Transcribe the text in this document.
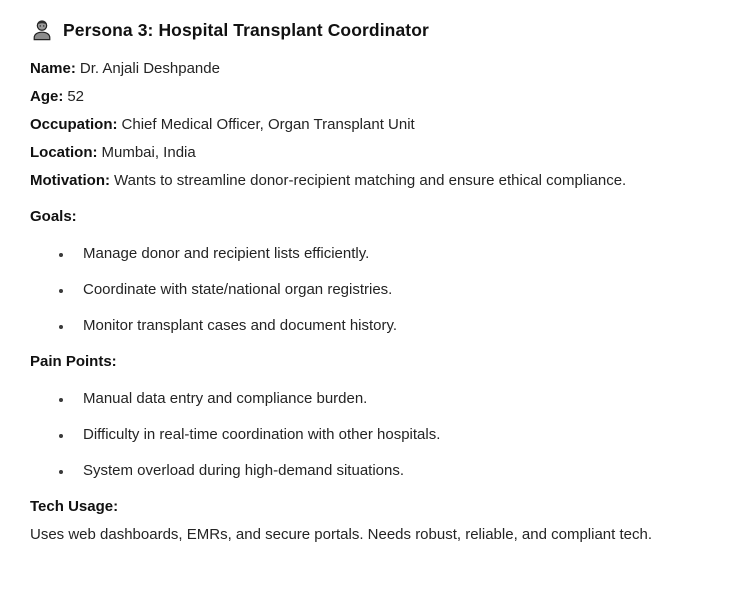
Persona 3: Hospital Transplant Coordinator

Name: Dr. Anjali Deshpande

Age: 52

Occupation: Chief Medical Officer, Organ Transplant Unit

Location: Mumbai, India

Motivation: Wants to streamline donor-recipient matching and ensure ethical compliance.

Goals:
• Manage donor and recipient lists efficiently.
• Coordinate with state/national organ registries.
• Monitor transplant cases and document history.
Pain Points:
• Manual data entry and compliance burden.
• Difficulty in real-time coordination with other hospitals.
• System overload during high-demand situations.
Tech Usage:

Uses web dashboards, EMRs, and secure portals. Needs robust, reliable, and compliant tech.
